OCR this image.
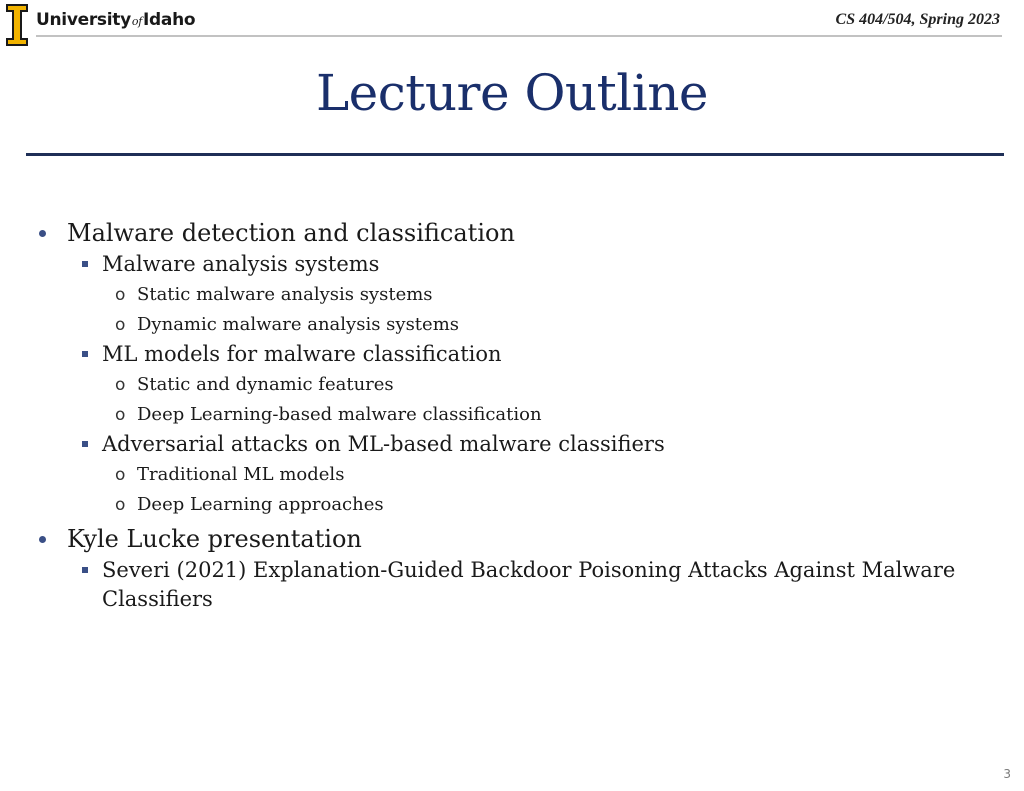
UniversityofIdaho	CS 404/504, Spring 2023
Lecture Outline
Malware detection and classification
Malware analysis systems
o Static malware analysis systems
o Dynamic malware analysis systems
ML models for malware classification
o Static and dynamic features
o Deep Learning-based malware classification
Adversarial attacks on ML-based malware classifiers
o Traditional ML models
o Deep Learning approaches
Kyle Lucke presentation
Severi (2021) Explanation-Guided Backdoor Poisoning Attacks Against Malware Classifiers
3
